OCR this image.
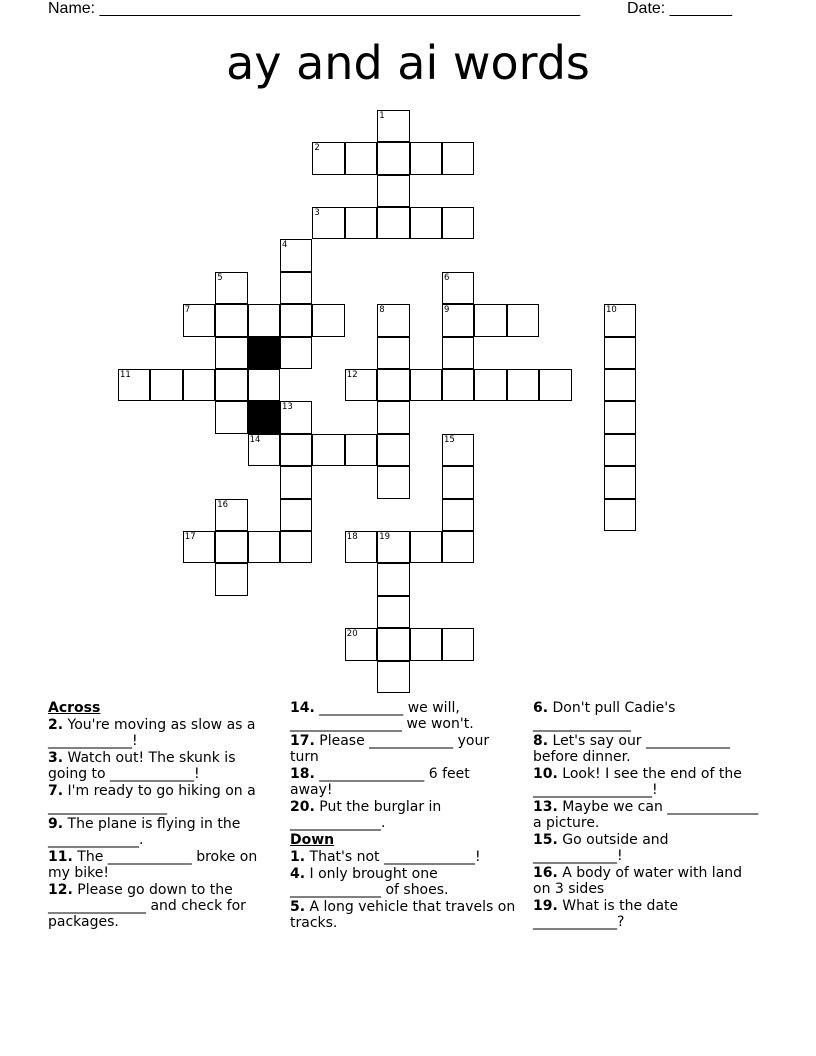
Name: ______________________________________________________	Date: _______
ay and ai words
1
2
3
4
5	6
7	8	9	10
11	12
13
14	15
16
17	18	19
20
Across
2. You're moving as slow as a ____________!
3. Watch out! The skunk is going to ____________!
7. I'm ready to go hiking on a _________________
9. The plane is flying in the _____________.
11. The ____________ broke on my bike!
12. Please go down to the ______________ and check for packages.
14. ____________ we will, ________________ we won't.
17. Please ____________ your turn
18. _______________ 6 feet away!
20. Put the burglar in _____________.
Down
1. That's not _____________!
4. I only brought one _____________ of shoes.
5. A long vehicle that travels on tracks.
6. Don't pull Cadie's ______________
8. Let's say our ____________ before dinner.
10. Look! I see the end of the _________________!
13. Maybe we can _____________ a picture.
15. Go outside and ____________!
16. A body of water with land on 3 sides
19. What is the date ____________?
